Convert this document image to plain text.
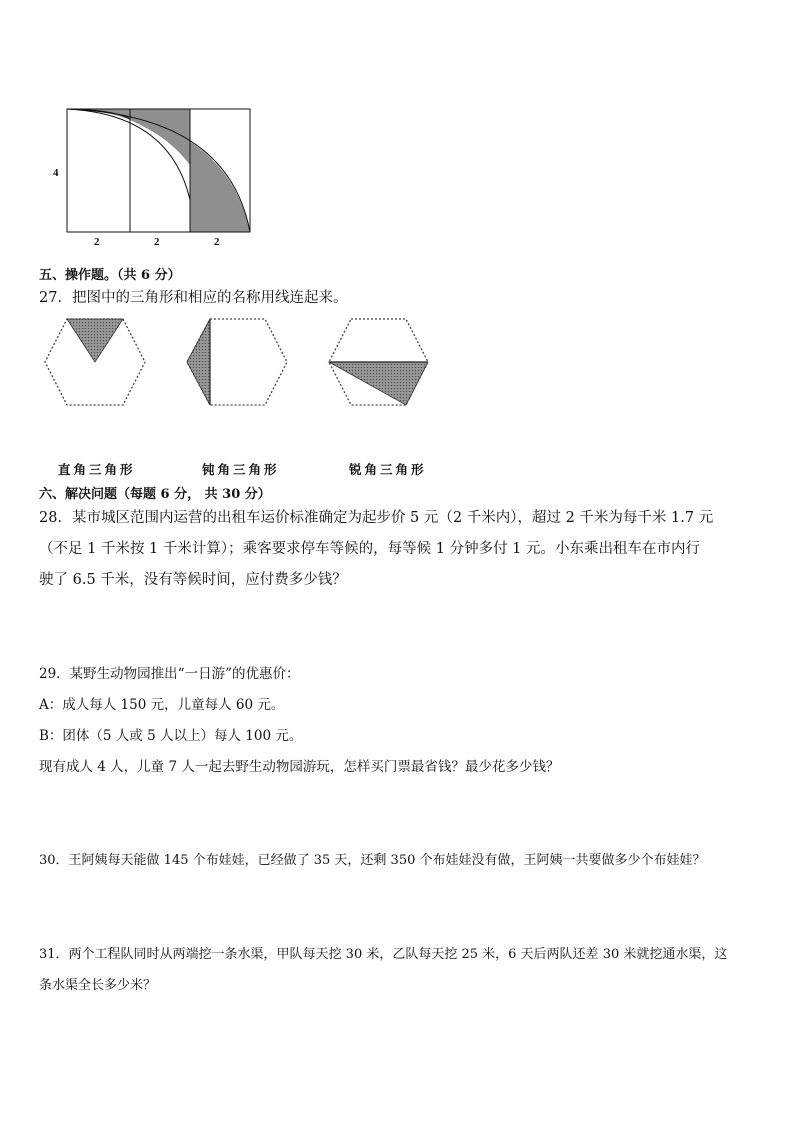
4
2	2	2
五、操作题。（共 6 分）
27．把图中的三角形和相应的名称用线连起来。
直角三角形	钝角三角形	锐角三角形
六、解决问题（每题 6 分， 共 30 分）
28．某市城区范围内运营的出租车运价标准确定为起步价 5 元（2 千米内），超过 2 千米为每千米 1.7 元
（不足 1 千米按 1 千米计算）；乘客要求停车等候的，每等候 1 分钟多付 1 元。小东乘出租车在市内行
驶了 6.5 千米，没有等候时间，应付费多少钱？
29．某野生动物园推出“一日游”的优惠价：
A：成人每人 150 元，儿童每人 60 元。
B：团体（5 人或 5 人以上）每人 100 元。
现有成人 4 人，儿童 7 人一起去野生动物园游玩，怎样买门票最省钱？最少花多少钱？
30．王阿姨每天能做 145 个布娃娃，已经做了 35 天，还剩 350 个布娃娃没有做，王阿姨一共要做多少个布娃娃？
31．两个工程队同时从两端挖一条水渠，甲队每天挖 30 米，乙队每天挖 25 米，6 天后两队还差 30 米就挖通水渠，这
条水渠全长多少米？
